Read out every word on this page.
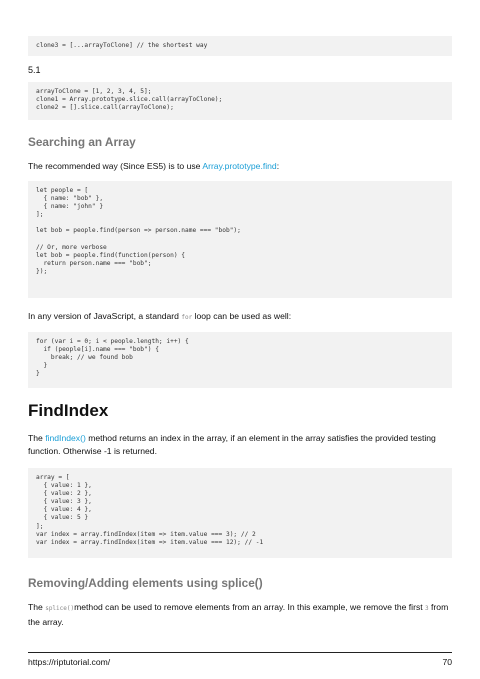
clone3 = [...arrayToClone] // the shortest way
5.1
arrayToClone = [1, 2, 3, 4, 5];
clone1 = Array.prototype.slice.call(arrayToClone);
clone2 = [].slice.call(arrayToClone);
Searching an Array
The recommended way (Since ES5) is to use Array.prototype.find:
let people = [
{ name: "bob" },
{ name: "john" }
];
let bob = people.find(person => person.name === "bob");
// Or, more verbose
let bob = people.find(function(person) {
return person.name === "bob";
});
In any version of JavaScript, a standard for loop can be used as well:
for (var i = 0; i < people.length; i++) {
if (people[i].name === "bob") {
break; // we found bob
}
}
FindIndex
The findIndex() method returns an index in the array, if an element in the array satisfies the provided testing function. Otherwise -1 is returned.
array = [
{ value: 1 },
{ value: 2 },
{ value: 3 },
{ value: 4 },
{ value: 5 }
];
var index = array.findIndex(item => item.value === 3); // 2
var index = array.findIndex(item => item.value === 12); // -1
Removing/Adding elements using splice()
The splice()method can be used to remove elements from an array. In this example, we remove the first 3 from the array.
https://riptutorial.com/	70
